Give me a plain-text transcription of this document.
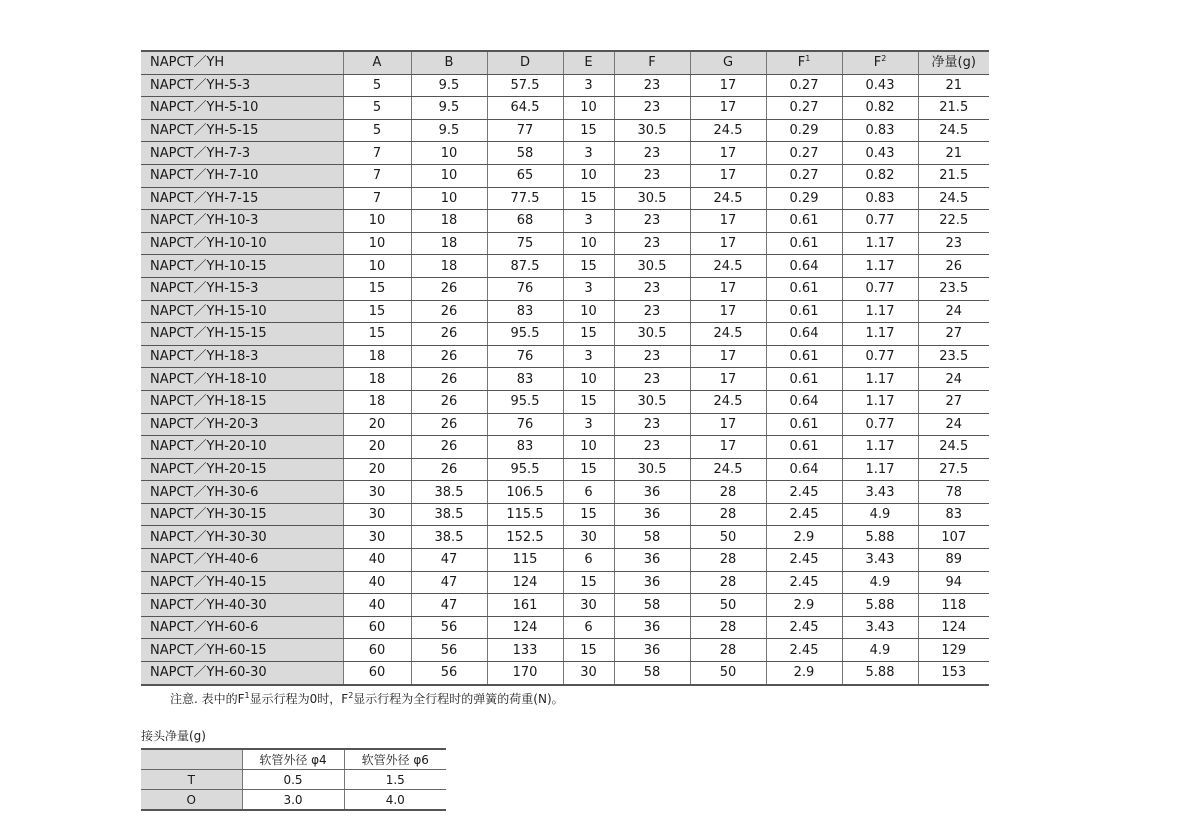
NAPCT／YH	A	B	D	E	F	G	$F^1$	$F^2$	净量(g)
NAPCT／YH-5-3	5	9.5	57.5	3	23	17	0.27	0.43	21
NAPCT／YH-5-10	5	9.5	64.5	10	23	17	0.27	0.82	21.5
NAPCT／YH-5-15	5	9.5	77	15	30.5	24.5	0.29	0.83	24.5
NAPCT／YH-7-3	7	10	58	3	23	17	0.27	0.43	21
NAPCT／YH-7-10	7	10	65	10	23	17	0.27	0.82	21.5
NAPCT／YH-7-15	7	10	77.5	15	30.5	24.5	0.29	0.83	24.5
NAPCT／YH-10-3	10	18	68	3	23	17	0.61	0.77	22.5
NAPCT／YH-10-10	10	18	75	10	23	17	0.61	1.17	23
NAPCT／YH-10-15	10	18	87.5	15	30.5	24.5	0.64	1.17	26
NAPCT／YH-15-3	15	26	76	3	23	17	0.61	0.77	23.5
NAPCT／YH-15-10	15	26	83	10	23	17	0.61	1.17	24
NAPCT／YH-15-15	15	26	95.5	15	30.5	24.5	0.64	1.17	27
NAPCT／YH-18-3	18	26	76	3	23	17	0.61	0.77	23.5
NAPCT／YH-18-10	18	26	83	10	23	17	0.61	1.17	24
NAPCT／YH-18-15	18	26	95.5	15	30.5	24.5	0.64	1.17	27
NAPCT／YH-20-3	20	26	76	3	23	17	0.61	0.77	24
NAPCT／YH-20-10	20	26	83	10	23	17	0.61	1.17	24.5
NAPCT／YH-20-15	20	26	95.5	15	30.5	24.5	0.64	1.17	27.5
NAPCT／YH-30-6	30	38.5	106.5	6	36	28	2.45	3.43	78
NAPCT／YH-30-15	30	38.5	115.5	15	36	28	2.45	4.9	83
NAPCT／YH-30-30	30	38.5	152.5	30	58	50	2.9	5.88	107
NAPCT／YH-40-6	40	47	115	6	36	28	2.45	3.43	89
NAPCT／YH-40-15	40	47	124	15	36	28	2.45	4.9	94
NAPCT／YH-40-30	40	47	161	30	58	50	2.9	5.88	118
NAPCT／YH-60-6	60	56	124	6	36	28	2.45	3.43	124
NAPCT／YH-60-15	60	56	133	15	36	28	2.45	4.9	129
NAPCT／YH-60-30	60	56	170	30	58	50	2.9	5.88	153
注意. 表中的$F^1$显示行程为0时，$F^2$显示行程为全行程时的弹簧的荷重(N)。
接头净量(g)
	软管外径 φ4	软管外径 φ6
T	0.5	1.5
O	3.0	4.0
